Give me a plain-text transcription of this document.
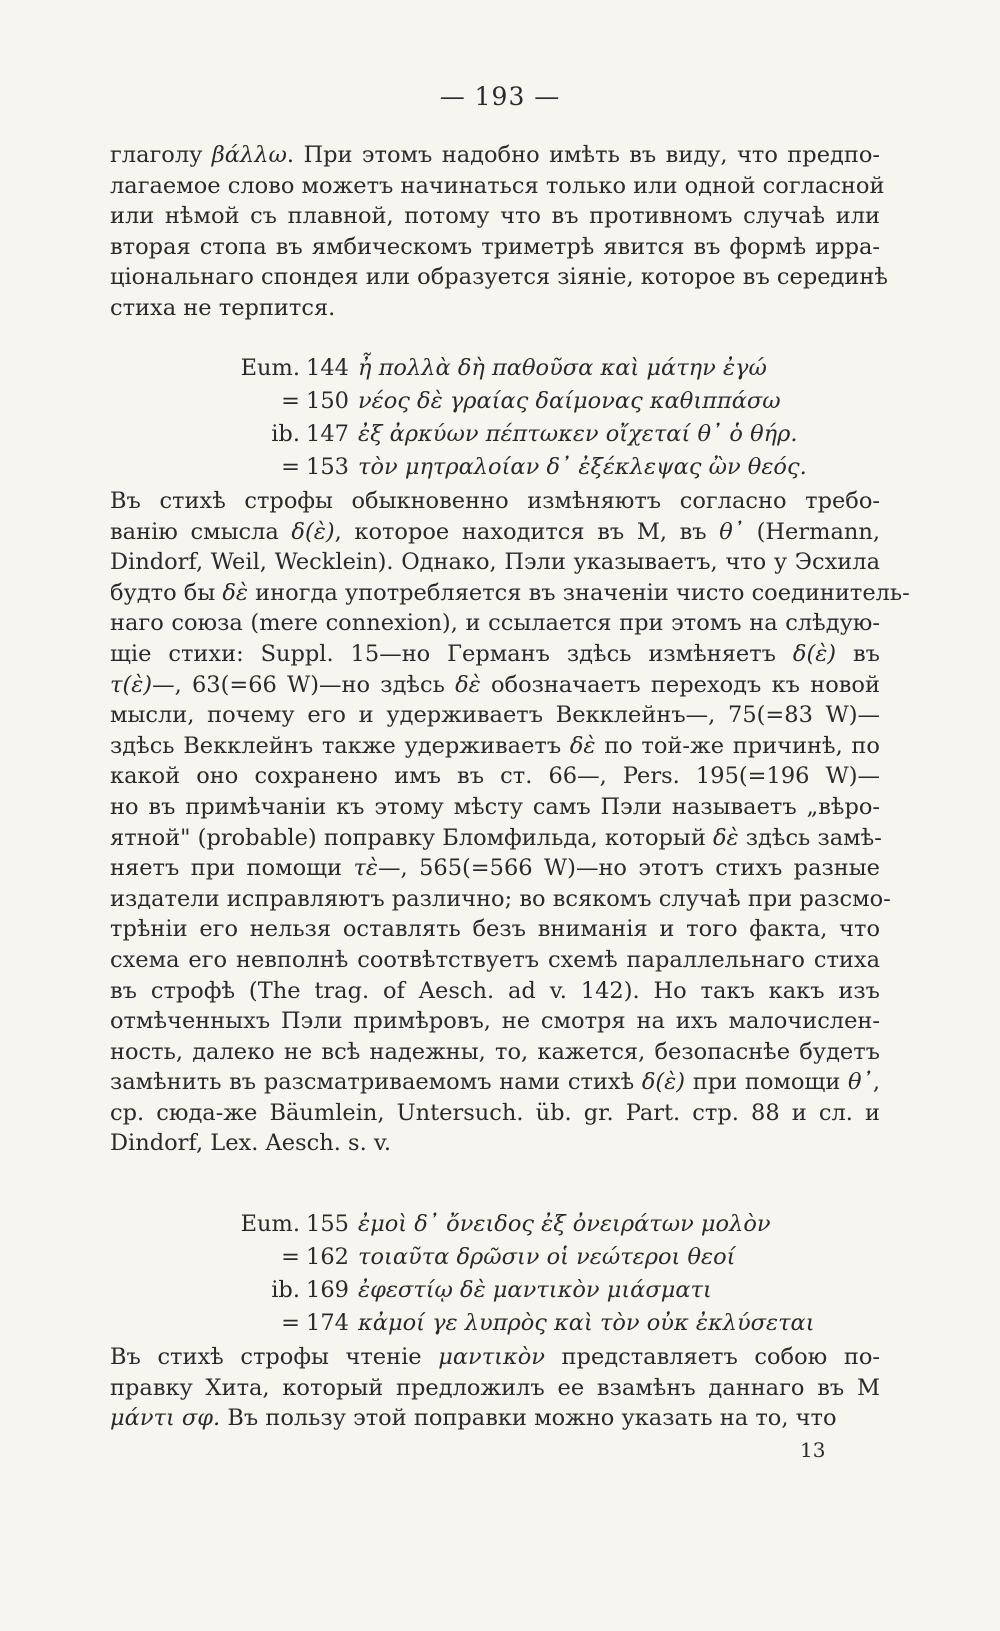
— 193 —
глаголу βάλλω. При этомъ надобно имѣть въ виду, что предпо-
лагаемое слово можетъ начинаться только или одной согласной
или нѣмой съ плавной, потому что въ противномъ случаѣ или
вторая стопа въ ямбическомъ триметрѣ явится въ формѣ ирра-
ціональнаго спондея или образуется зіяніе, которое въ серединѣ
стиха не терпится.
Eum. 144 ἦ πολλὰ δὴ παθοῦσα καὶ μάτην ἐγώ
= 150 νέος δὲ γραίας δαίμονας καθιππάσω
ib. 147 ἐξ ἀρκύων πέπτωκεν οἴχεταί θ᾽ ὁ θήρ.
= 153 τὸν μητραλοίαν δ᾽ ἐξέκλεψας ὢν θεός.
Въ стихѣ строфы обыкновенно измѣняютъ согласно требо-
ванію смысла δ(ὲ), которое находится въ M, въ θ᾽ (Hermann,
Dindorf, Weil, Wecklein). Однако, Пэли указываетъ, что у Эсхила
будто бы δὲ иногда употребляется въ значеніи чисто соединитель-
наго союза (mere connexion), и ссылается при этомъ на слѣдую-
щіе стихи: Suppl. 15—но Германъ здѣсь измѣняетъ δ(ὲ) въ
τ(ὲ)—, 63(=66 W)—но здѣсь δὲ обозначаетъ переходъ къ новой
мысли, почему его и удерживаетъ Векклейнъ—, 75(=83 W)—
здѣсь Векклейнъ также удерживаетъ δὲ по той-же причинѣ, по
какой оно сохранено имъ въ ст. 66—, Pers. 195(=196 W)—
но въ примѣчаніи къ этому мѣсту самъ Пэли называетъ „вѣро-
ятной" (probable) поправку Бломфильда, который δὲ здѣсь замѣ-
няетъ при помощи τὲ—, 565(=566 W)—но этотъ стихъ разные
издатели исправляютъ различно; во всякомъ случаѣ при разсмо-
трѣніи его нельзя оставлять безъ вниманія и того факта, что
схема его невполнѣ соотвѣтствуетъ схемѣ параллельнаго стиха
въ строфѣ (The trag. of Aesch. ad v. 142). Но такъ какъ изъ
отмѣченныхъ Пэли примѣровъ, не смотря на ихъ малочислен-
ность, далеко не всѣ надежны, то, кажется, безопаснѣе будетъ
замѣнить въ разсматриваемомъ нами стихѣ δ(ὲ) при помощи θ᾽,
ср. сюда-же Bäumlein, Untersuch. üb. gr. Part. стр. 88 и сл. и
Dindorf, Lex. Aesch. s. v.
Eum. 155 ἐμοὶ δ᾽ ὄνειδος ἐξ ὀνειράτων μολὸν
= 162 τοιαῦτα δρῶσιν οἱ νεώτεροι θεοί
ib. 169 ἐφεστίῳ δὲ μαντικὸν μιάσματι
= 174 κἀμοί γε λυπρὸς καὶ τὸν οὐκ ἐκλύσεται
Въ стихѣ строфы чтеніе μαντικὸν представляетъ собою по-
правку Хита, который предложилъ ее взамѣнъ даннаго въ M
μάντι σφ. Въ пользу этой поправки можно указать на то, что
13
